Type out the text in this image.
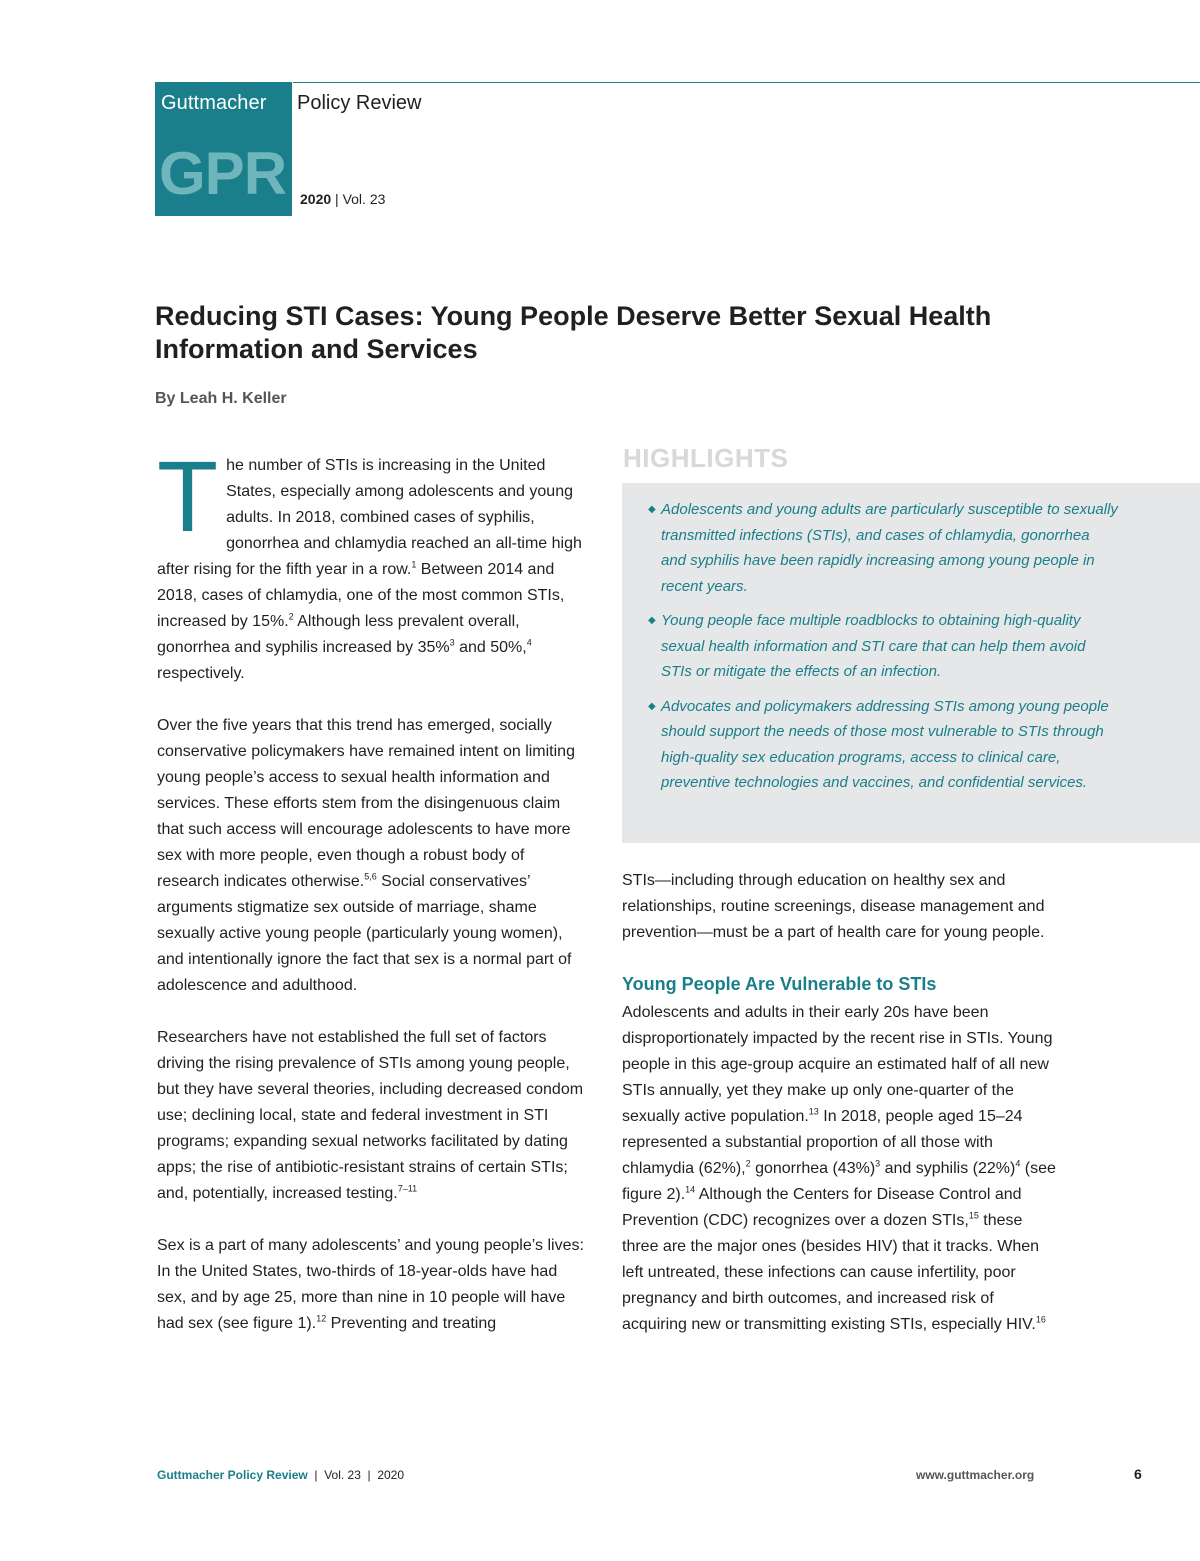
Guttmacher
GPR
Policy Review
2020 | Vol. 23
Reducing STI Cases: Young People Deserve Better Sexual Health Information and Services
By Leah H. Keller

The number of STIs is increasing in the United States, especially among adolescents and young adults. In 2018, combined cases of syphilis, gonorrhea and chlamydia reached an all-time high after rising for the fifth year in a row.$^1$ Between 2014 and 2018, cases of chlamydia, one of the most common STIs, increased by 15%.$^2$ Although less prevalent overall, gonorrhea and syphilis increased by 35%$^3$ and 50%,$^4$ respectively.

Over the five years that this trend has emerged, socially conservative policymakers have remained intent on limiting young people’s access to sexual health information and services. These efforts stem from the disingenuous claim that such access will encourage adolescents to have more sex with more people, even though a robust body of research indicates otherwise.$^{5,6}$ Social conservatives’ arguments stigmatize sex outside of marriage, shame sexually active young people (particularly young women), and intentionally ignore the fact that sex is a normal part of adolescence and adulthood.

Researchers have not established the full set of factors driving the rising prevalence of STIs among young people, but they have several theories, including decreased condom use; declining local, state and federal investment in STI programs; expanding sexual networks facilitated by dating apps; the rise of antibiotic-resistant strains of certain STIs; and, potentially, increased testing.$^{7-11}$

Sex is a part of many adolescents’ and young people’s lives: In the United States, two-thirds of 18-year-olds have had sex, and by age 25, more than nine in 10 people will have had sex (see figure 1).$^{12}$ Preventing and treating

HIGHLIGHTS
◆ Adolescents and young adults are particularly susceptible to sexually transmitted infections (STIs), and cases of chlamydia, gonorrhea and syphilis have been rapidly increasing among young people in recent years.
◆ Young people face multiple roadblocks to obtaining high-quality sexual health information and STI care that can help them avoid STIs or mitigate the effects of an infection.
◆ Advocates and policymakers addressing STIs among young people should support the needs of those most vulnerable to STIs through high-quality sex education programs, access to clinical care, preventive technologies and vaccines, and confidential services.

STIs—including through education on healthy sex and relationships, routine screenings, disease management and prevention—must be a part of health care for young people.

Young People Are Vulnerable to STIs

Adolescents and adults in their early 20s have been disproportionately impacted by the recent rise in STIs. Young people in this age-group acquire an estimated half of all new STIs annually, yet they make up only one-quarter of the sexually active population.$^{13}$ In 2018, people aged 15–24 represented a substantial proportion of all those with chlamydia (62%),$^2$ gonorrhea $(43\%)^3$ and syphilis $(22\%)^4$ (see figure 2).$^{14}$ Although the Centers for Disease Control and Prevention (CDC) recognizes over a dozen STIs,$^{15}$ these three are the major ones (besides HIV) that it tracks. When left untreated, these infections can cause infertility, poor pregnancy and birth outcomes, and increased risk of acquiring new or transmitting existing STIs, especially HIV.$^{16}$

Guttmacher Policy Review  |  Vol. 23  |  2020	www.guttmacher.org	6
